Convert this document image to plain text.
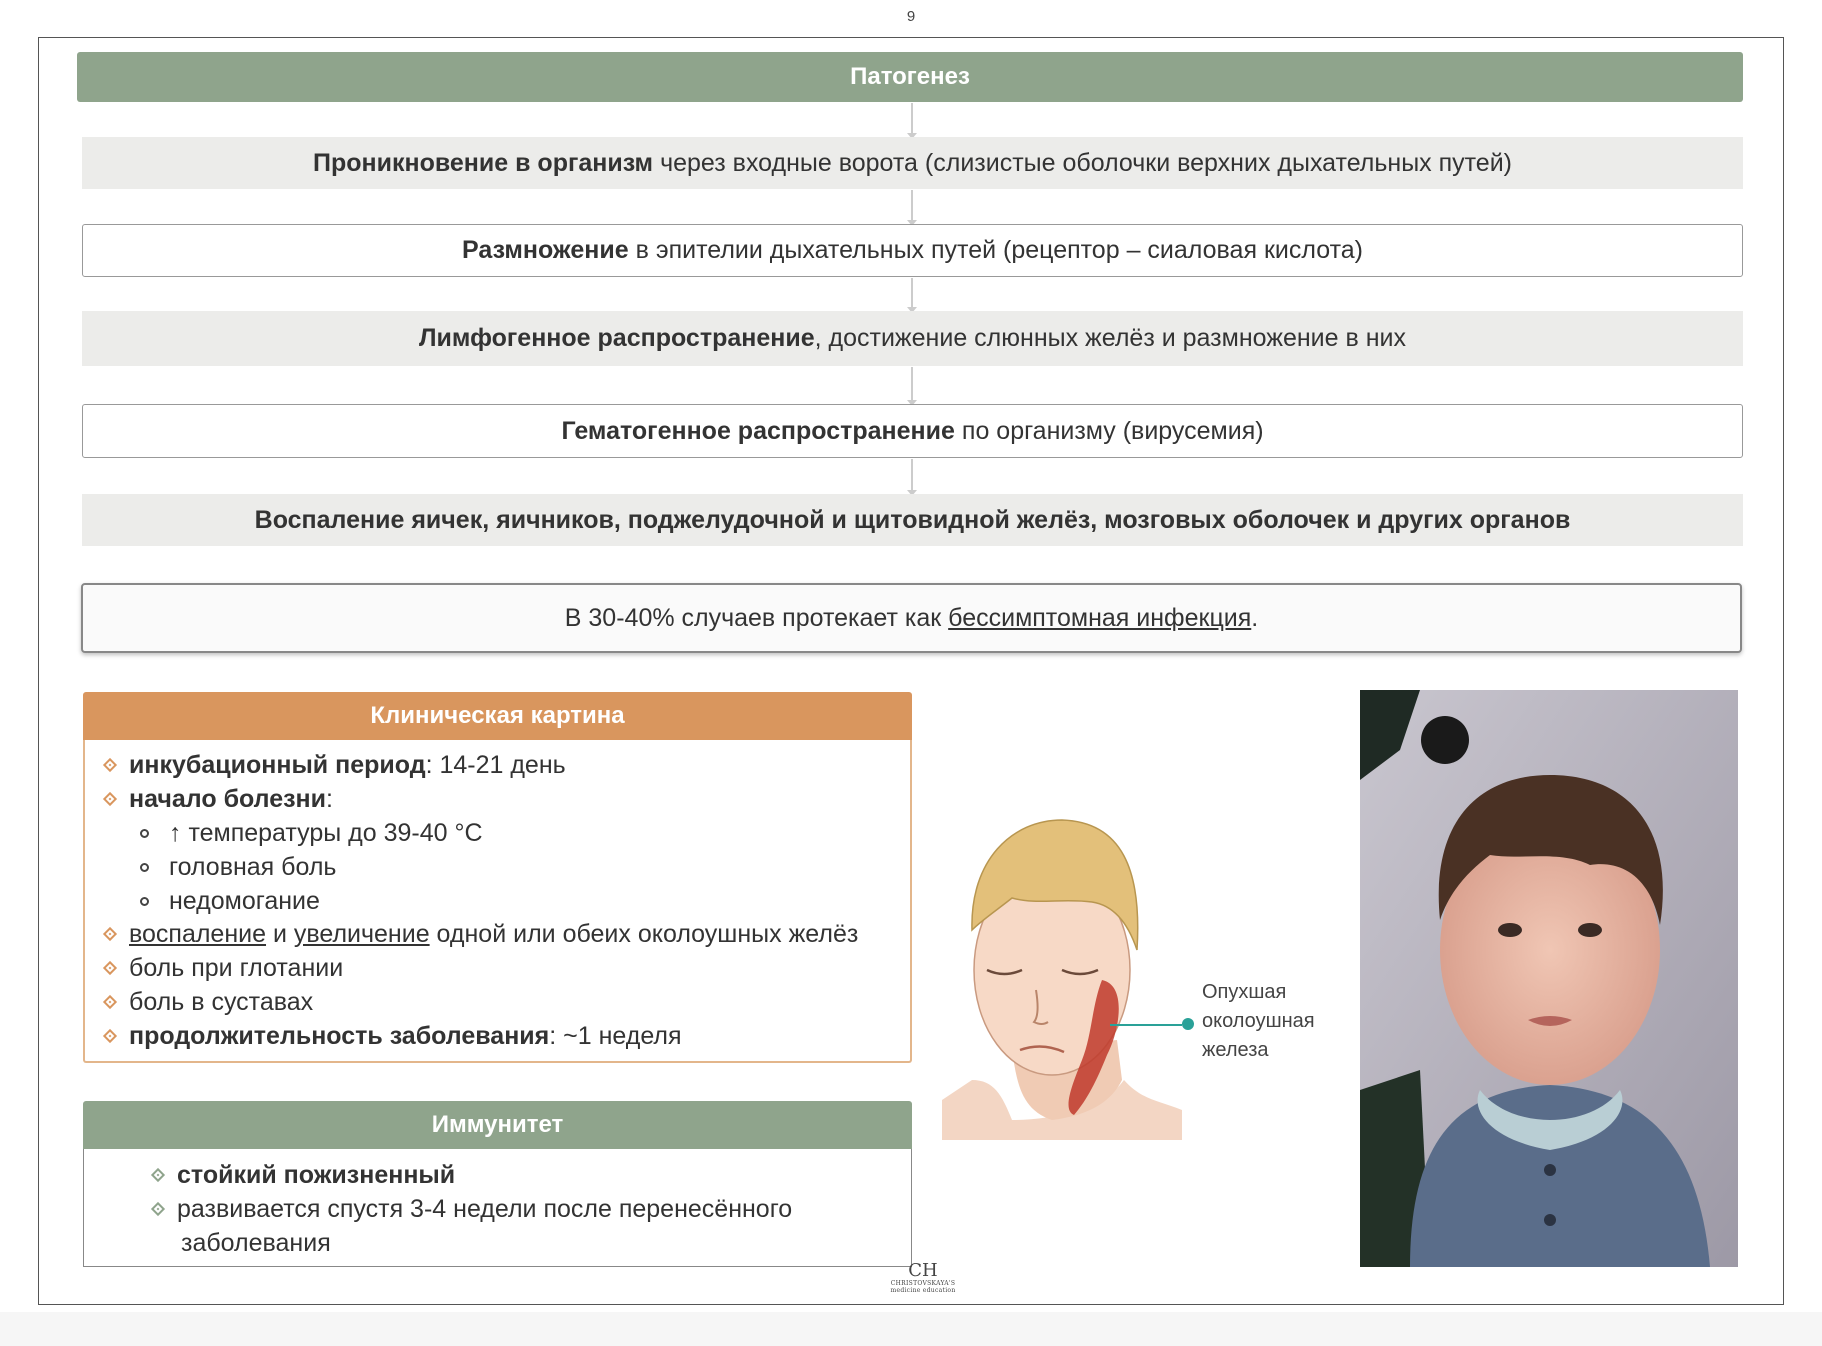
9
Патогенез
Проникновение в организм через входные ворота (слизистые оболочки верхних дыхательных путей)
Размножение в эпителии дыхательных путей (рецептор – сиаловая кислота)
Лимфогенное распространение , достижение слюнных желёз и размножение в них
Гематогенное распространение по организму (вирусемия)
Воспаление яичек, яичников, поджелудочной и щитовидной желёз, мозговых оболочек и других органов
В 30-40% случаев протекает как бессимптомная инфекция .
Клиническая картина
инкубационный период : 14-21 день
начало болезни :
↑ температуры до 39-40 °С
головная боль
недомогание
воспаление и увеличение одной или обеих околоушных желёз
боль при глотании
боль в суставах
продолжительность заболевания : ~1 неделя
Иммунитет
стойкий пожизненный
развивается спустя 3-4 недели после перенесённого
заболевания
Опухшая
околоушная
железа
CH
CHRISTOVSKAYA'S
medicine education
